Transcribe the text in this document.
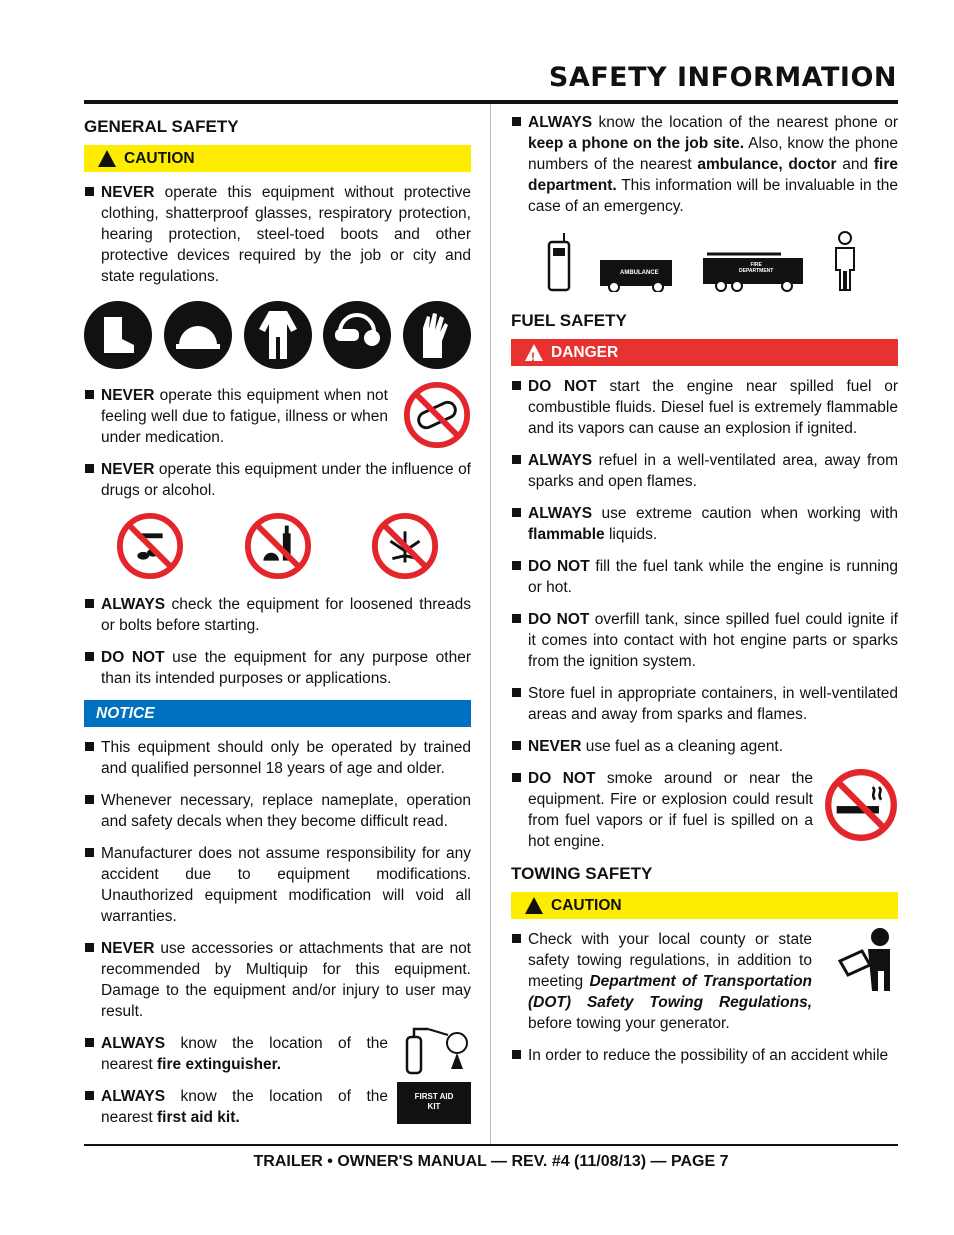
SAFETY INFORMATION
GENERAL SAFETY
!
CAUTION

NEVER operate this equipment without protective clothing, shatterproof glasses, respiratory protection, hearing protection, steel-toed boots and other protective devices required by the job or city and state regulations.

NEVER operate this equipment when not feeling well due to fatigue, illness or when under medication.

NEVER operate this equipment under the influence of drugs or alcohol.

ALWAYS check the equipment for loosened threads or bolts before starting.

DO NOT use the equipment for any purpose other than its intended purposes or applications.

NOTICE

This equipment should only be operated by trained and qualified personnel 18 years of age and older.

Whenever necessary, replace nameplate, operation and safety decals when they become difficult read.

Manufacturer does not assume responsibility for any accident due to equipment modifications. Unauthorized equipment modification will void all warranties.

NEVER use accessories or attachments that are not recommended by Multiquip for this equipment. Damage to the equipment and/or injury to user may result.

ALWAYS know the location of the nearest fire extinguisher.

FIRST AID
KIT

ALWAYS know the location of the nearest first aid kit.

ALWAYS know the location of the nearest phone or keep a phone on the job site. Also, know the phone numbers of the nearest ambulance, doctor and fire department. This information will be invaluable in the case of an emergency.

AMBULANCE
FIRE
DEPARTMENT
FUEL SAFETY
!
DANGER

DO NOT start the engine near spilled fuel or combustible fluids. Diesel fuel is extremely flammable and its vapors can cause an explosion if ignited.

ALWAYS refuel in a well-ventilated area, away from sparks and open flames.

ALWAYS use extreme caution when working with flammable liquids.

DO NOT fill the fuel tank while the engine is running or hot.

DO NOT overfill tank, since spilled fuel could ignite if it comes into contact with hot engine parts or sparks from the ignition system.

Store fuel in appropriate containers, in well-ventilated areas and away from sparks and flames.

NEVER use fuel as a cleaning agent.

DO NOT smoke around or near the equipment. Fire or explosion could result from fuel vapors or if fuel is spilled on a hot engine.

TOWING SAFETY
!
CAUTION

Check with your local county or state safety towing regulations, in addition to meeting Department of Transportation (DOT) Safety Towing Regulations, before towing your generator.

In order to reduce the possibility of an accident while

TRAILER • OWNER'S MANUAL — REV. #4 (11/08/13) — PAGE 7
